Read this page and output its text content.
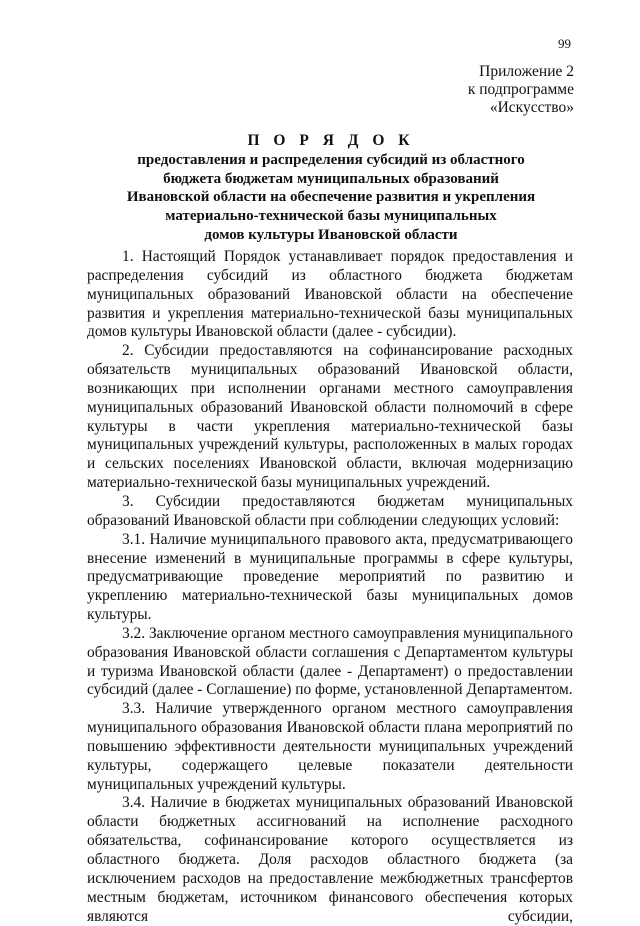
99
Приложение 2
к подпрограмме
«Искусство»
П О Р Я Д О К
предоставления и распределения субсидий из областного
бюджета бюджетам муниципальных образований
Ивановской области на обеспечение развития и укрепления
материально-технической базы муниципальных
домов культуры Ивановской области

1. Настоящий Порядок устанавливает порядок предоставления и распределения субсидий из областного бюджета бюджетам муниципальных образований Ивановской области на обеспечение развития и укрепления материально-технической базы муниципальных домов культуры Ивановской области (далее - субсидии).

2. Субсидии предоставляются на софинансирование расходных обязательств муниципальных образований Ивановской области, возникающих при исполнении органами местного самоуправления муниципальных образований Ивановской области полномочий в сфере культуры в части укрепления материально-технической базы муниципальных учреждений культуры, расположенных в малых городах и сельских поселениях Ивановской области, включая модернизацию материально-технической базы муниципальных учреждений.

3. Субсидии предоставляются бюджетам муниципальных образований Ивановской области при соблюдении следующих условий:

3.1. Наличие муниципального правового акта, предусматривающего внесение изменений в муниципальные программы в сфере культуры, предусматривающие проведение мероприятий по развитию и укреплению материально-технической базы муниципальных домов культуры.

3.2. Заключение органом местного самоуправления муниципального образования Ивановской области соглашения с Департаментом культуры и туризма Ивановской области (далее - Департамент) о предоставлении субсидий (далее - Соглашение) по форме, установленной Департаментом.

3.3. Наличие утвержденного органом местного самоуправления муниципального образования Ивановской области плана мероприятий по повышению эффективности деятельности муниципальных учреждений культуры, содержащего целевые показатели деятельности муниципальных учреждений культуры.

3.4. Наличие в бюджетах муниципальных образований Ивановской области бюджетных ассигнований на исполнение расходного обязательства, софинансирование которого осуществляется из областного бюджета. Доля расходов областного бюджета (за исключением расходов на предоставление межбюджетных трансфертов местным бюджетам, источником финансового обеспечения которых являются субсидии,
